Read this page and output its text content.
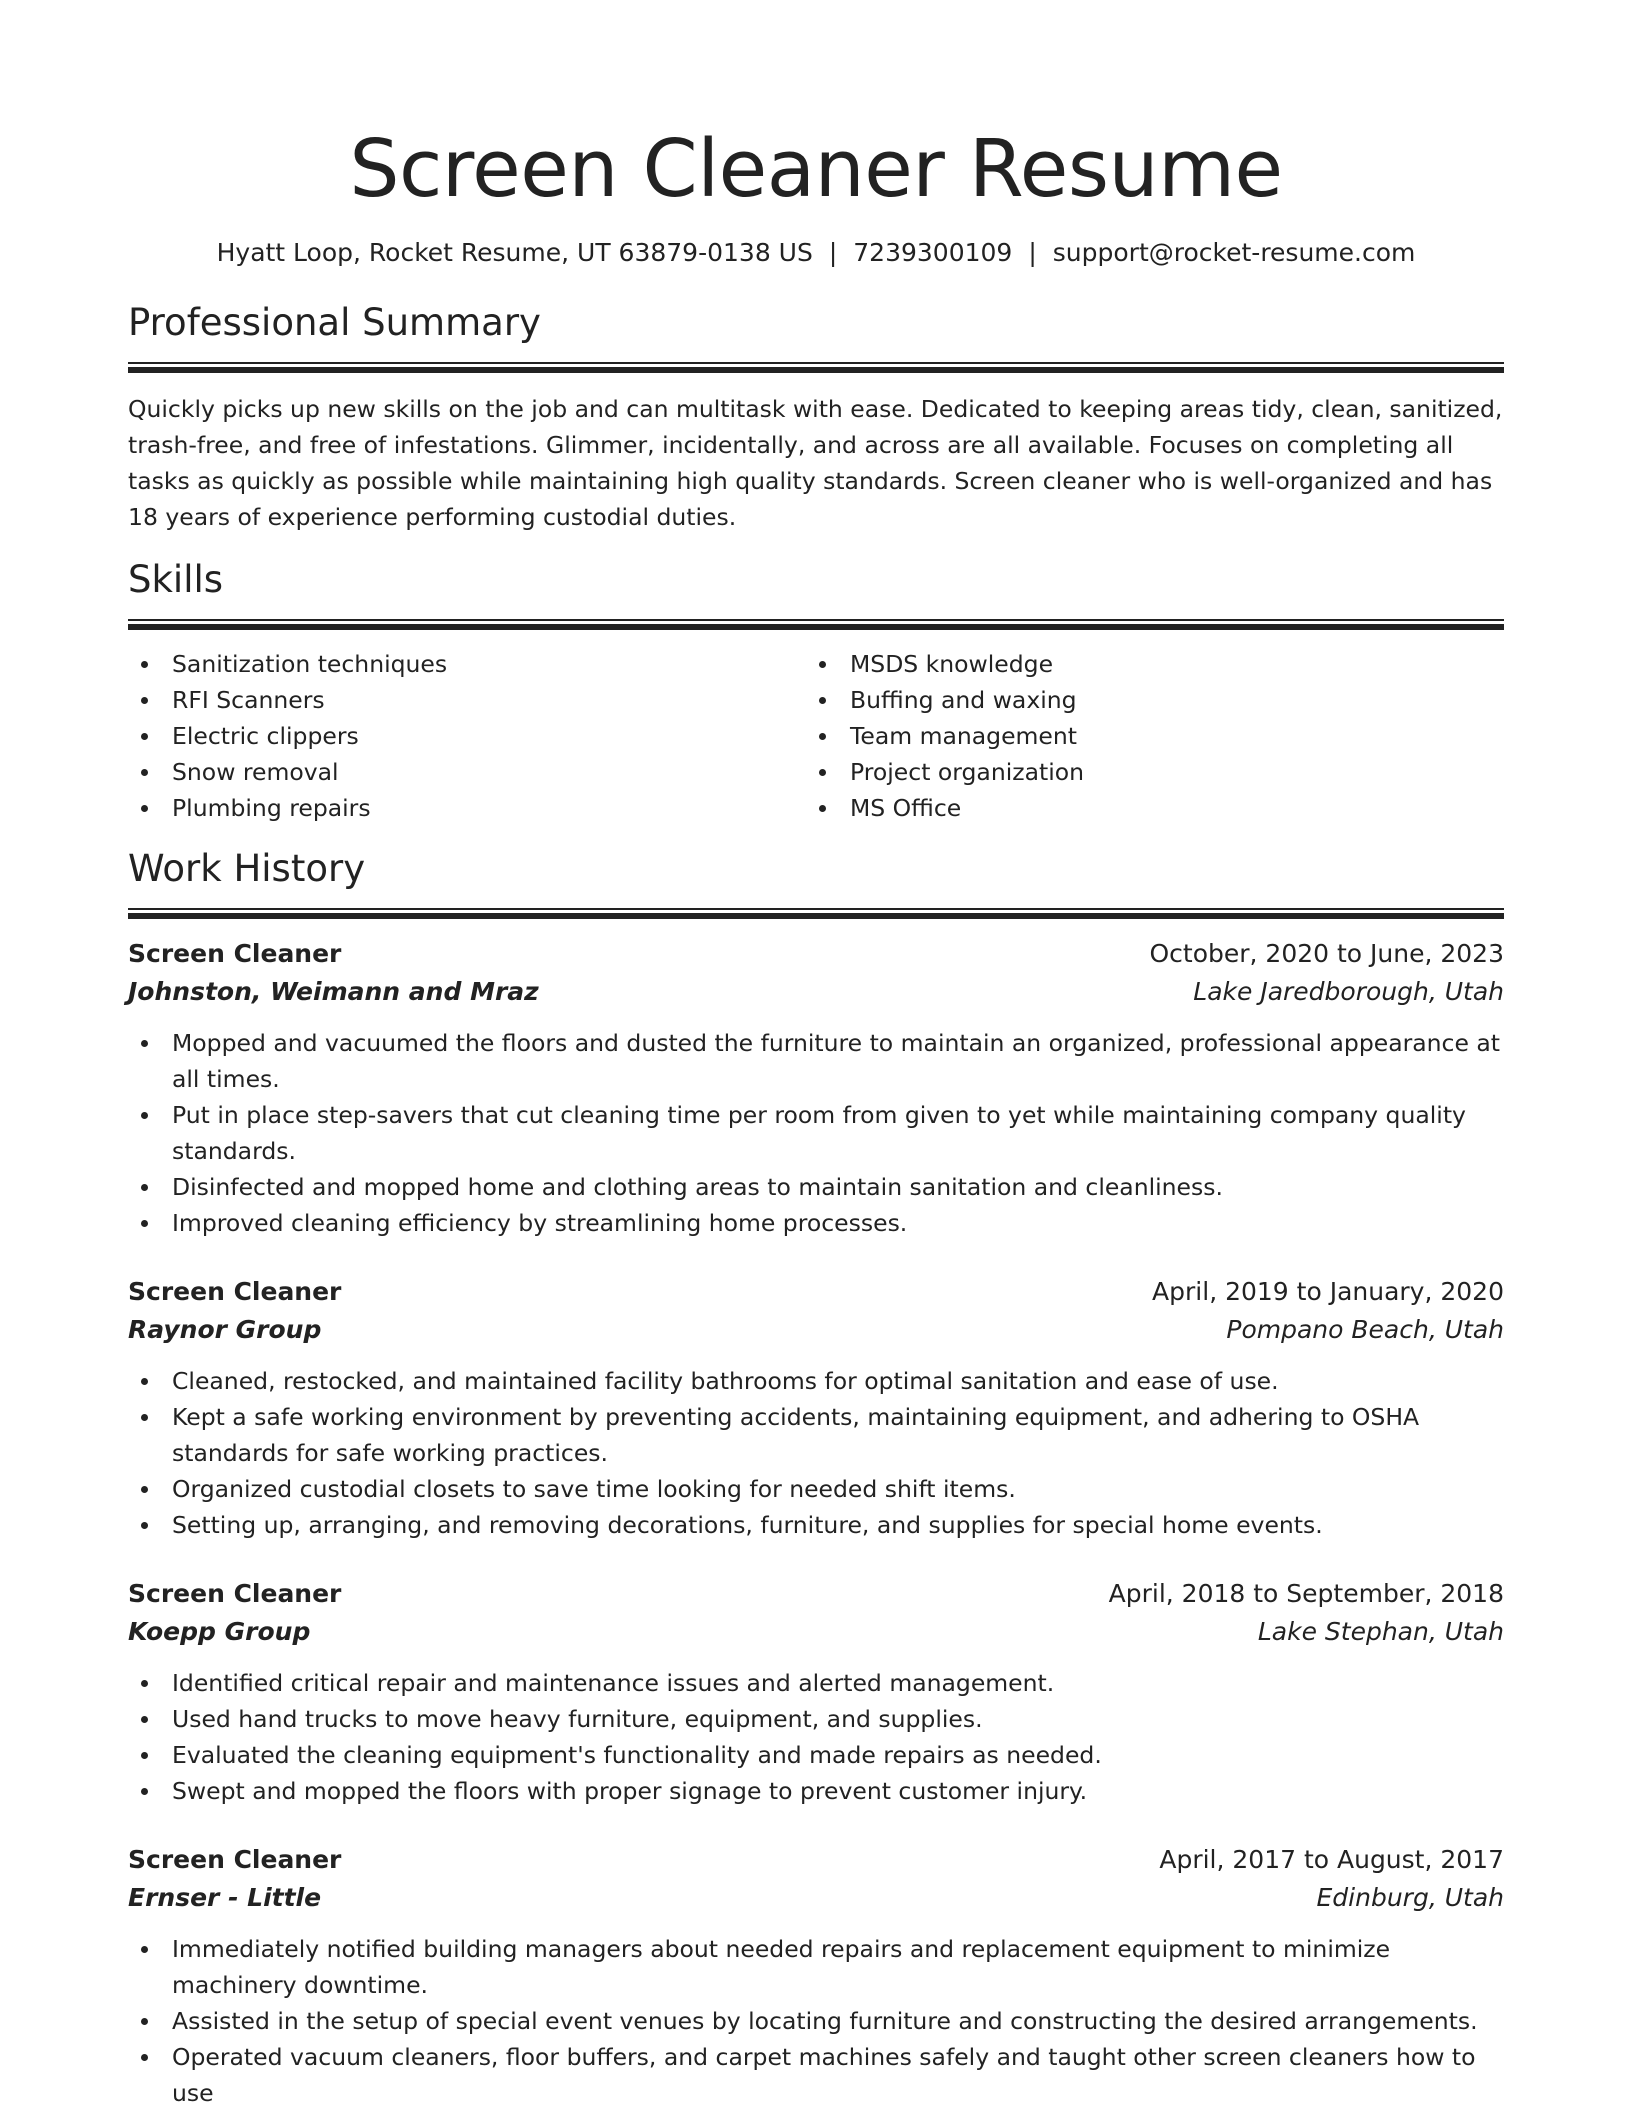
Screen Cleaner Resume
Hyatt Loop, Rocket Resume, UT 63879-0138 US | 7239300109 | support@rocket-resume.com
Professional Summary

Quickly picks up new skills on the job and can multitask with ease. Dedicated to keeping areas tidy, clean, sanitized, trash-free, and free of infestations. Glimmer, incidentally, and across are all available. Focuses on completing all tasks as quickly as possible while maintaining high quality standards. Screen cleaner who is well-organized and has 18 years of experience performing custodial duties.

Skills
Sanitization techniques
RFI Scanners
Electric clippers
Snow removal
Plumbing repairs
MSDS knowledge
Buffing and waxing
Team management
Project organization
MS Office
Work History
Screen Cleaner	October, 2020 to June, 2023
Johnston, Weimann and Mraz	Lake Jaredborough, Utah
Mopped and vacuumed the floors and dusted the furniture to maintain an organized, professional appearance at all times.
Put in place step-savers that cut cleaning time per room from given to yet while maintaining company quality standards.
Disinfected and mopped home and clothing areas to maintain sanitation and cleanliness.
Improved cleaning efficiency by streamlining home processes.
Screen Cleaner	April, 2019 to January, 2020
Raynor Group	Pompano Beach, Utah
Cleaned, restocked, and maintained facility bathrooms for optimal sanitation and ease of use.
Kept a safe working environment by preventing accidents, maintaining equipment, and adhering to OSHA standards for safe working practices.
Organized custodial closets to save time looking for needed shift items.
Setting up, arranging, and removing decorations, furniture, and supplies for special home events.
Screen Cleaner	April, 2018 to September, 2018
Koepp Group	Lake Stephan, Utah
Identified critical repair and maintenance issues and alerted management.
Used hand trucks to move heavy furniture, equipment, and supplies.
Evaluated the cleaning equipment's functionality and made repairs as needed.
Swept and mopped the floors with proper signage to prevent customer injury.
Screen Cleaner	April, 2017 to August, 2017
Ernser - Little	Edinburg, Utah
Immediately notified building managers about needed repairs and replacement equipment to minimize machinery downtime.
Assisted in the setup of special event venues by locating furniture and constructing the desired arrangements.
Operated vacuum cleaners, floor buffers, and carpet machines safely and taught other screen cleaners how to use
